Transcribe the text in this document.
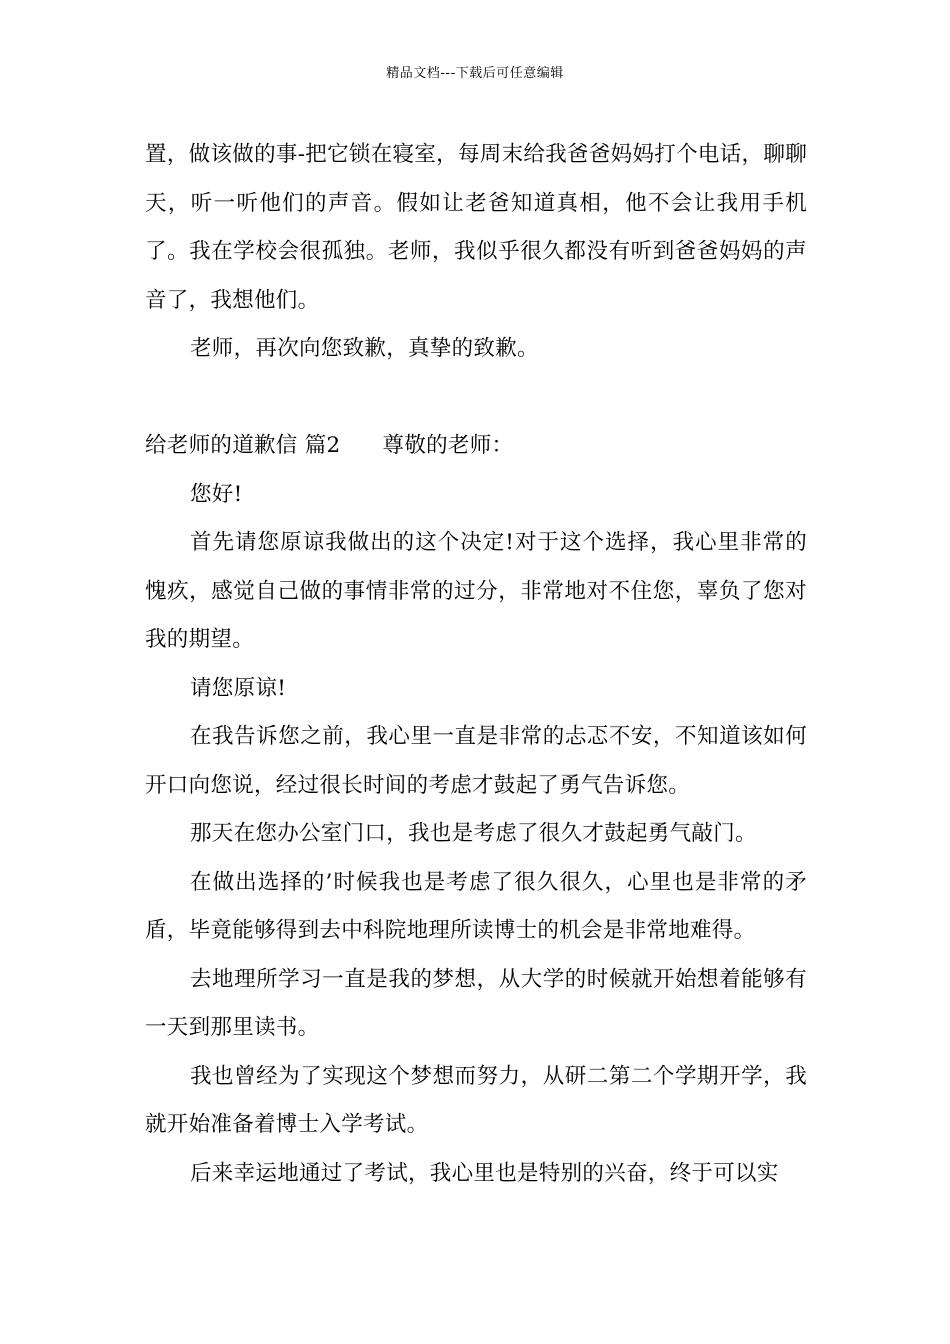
精品文档---下载后可任意编辑

置，做该做的事-把它锁在寝室，每周末给我爸爸妈妈打个电话，聊聊天，听一听他们的声音。假如让老爸知道真相，他不会让我用手机了。我在学校会很孤独。老师，我似乎很久都没有听到爸爸妈妈的声音了，我想他们。

老师，再次向您致歉，真挚的致歉。

给老师的道歉信 篇2 尊敬的老师：

您好!

首先请您原谅我做出的这个决定!对于这个选择，我心里非常的愧疚，感觉自己做的事情非常的过分，非常地对不住您，辜负了您对我的期望。

请您原谅!

在我告诉您之前，我心里一直是非常的忐忑不安，不知道该如何开口向您说，经过很长时间的考虑才鼓起了勇气告诉您。

那天在您办公室门口，我也是考虑了很久才鼓起勇气敲门。

在做出选择的’时候我也是考虑了很久很久，心里也是非常的矛盾，毕竟能够得到去中科院地理所读博士的机会是非常地难得。

去地理所学习一直是我的梦想，从大学的时候就开始想着能够有一天到那里读书。

我也曾经为了实现这个梦想而努力，从研二第二个学期开学，我就开始准备着博士入学考试。

后来幸运地通过了考试，我心里也是特别的兴奋，终于可以实
